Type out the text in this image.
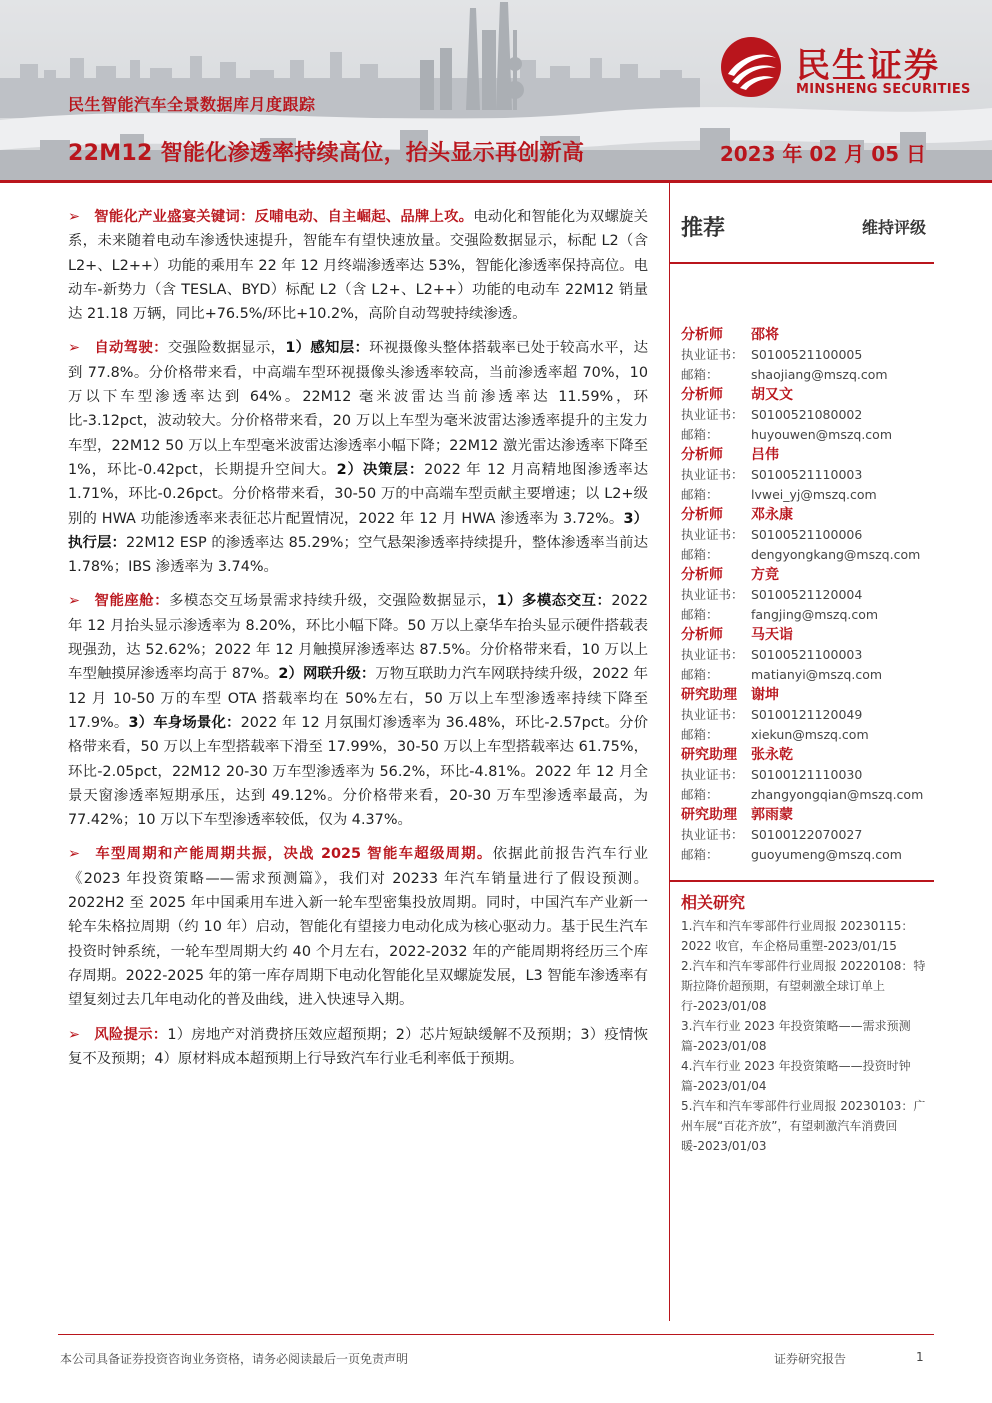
民生证券
MINSHENG SECURITIES
民生智能汽车全景数据库月度跟踪
22M12 智能化渗透率持续高位，抬头显示再创新高	2023 年 02 月 05 日

➢ 智能化产业盛宴关键词：反哺电动、自主崛起、品牌上攻。电动化和智能化为双螺旋关系，未来随着电动车渗透快速提升，智能车有望快速放量。交强险数据显示，标配 L2（含 L2+、L2++）功能的乘用车 22 年 12 月终端渗透率达 53%，智能化渗透率保持高位。电动车-新势力（含 TESLA、BYD）标配 L2（含 L2+、L2++）功能的电动车 22M12 销量达 21.18 万辆，同比+76.5%/环比+10.2%，高阶自动驾驶持续渗透。

➢ 自动驾驶：交强险数据显示，1）感知层：环视摄像头整体搭载率已处于较高水平，达到 77.8%。分价格带来看，中高端车型环视摄像头渗透率较高，当前渗透率超 70%，10 万以下车型渗透率达到 64%。22M12 毫米波雷达当前渗透率达 11.59%，环比-3.12pct，波动较大。分价格带来看，20 万以上车型为毫米波雷达渗透率提升的主发力车型，22M12 50 万以上车型毫米波雷达渗透率小幅下降；22M12 激光雷达渗透率下降至 1%，环比-0.42pct，长期提升空间大。2）决策层：2022 年 12 月高精地图渗透率达 1.71%，环比-0.26pct。分价格带来看，30-50 万的中高端车型贡献主要增速；以 L2+级别的 HWA 功能渗透率来表征芯片配置情况，2022 年 12 月 HWA 渗透率为 3.72%。3）执行层：22M12 ESP 的渗透率达 85.29%；空气悬架渗透率持续提升，整体渗透率当前达 1.78%；IBS 渗透率为 3.74%。

➢ 智能座舱：多模态交互场景需求持续升级，交强险数据显示，1）多模态交互：2022 年 12 月抬头显示渗透率为 8.20%，环比小幅下降。50 万以上豪华车抬头显示硬件搭载表现强劲，达 52.62%；2022 年 12 月触摸屏渗透率达 87.5%。分价格带来看，10 万以上车型触摸屏渗透率均高于 87%。2）网联升级：万物互联助力汽车网联持续升级，2022 年 12 月 10-50 万的车型 OTA 搭载率均在 50%左右，50 万以上车型渗透率持续下降至 17.9%。3）车身场景化：2022 年 12 月氛围灯渗透率为 36.48%，环比-2.57pct。分价格带来看，50 万以上车型搭载率下滑至 17.99%，30-50 万以上车型搭载率达 61.75%，环比-2.05pct，22M12 20-30 万车型渗透率为 56.2%，环比-4.81%。2022 年 12 月全景天窗渗透率短期承压，达到 49.12%。分价格带来看，20-30 万车型渗透率最高，为 77.42%；10 万以下车型渗透率较低，仅为 4.37%。

➢ 车型周期和产能周期共振，决战 2025 智能车超级周期。依据此前报告汽车行业《2023 年投资策略——需求预测篇》，我们对 20233 年汽车销量进行了假设预测。2022H2 至 2025 年中国乘用车进入新一轮车型密集投放周期。同时，中国汽车产业新一轮车朱格拉周期（约 10 年）启动，智能化有望接力电动化成为核心驱动力。基于民生汽车投资时钟系统，一轮车型周期大约 40 个月左右，2022-2032 年的产能周期将经历三个库存周期。2022-2025 年的第一库存周期下电动化智能化呈双螺旋发展，L3 智能车渗透率有望复刻过去几年电动化的普及曲线，进入快速导入期。

➢ 风险提示：1）房地产对消费挤压效应超预期；2）芯片短缺缓解不及预期；3）疫情恢复不及预期；4）原材料成本超预期上行导致汽车行业毛利率低于预期。

推荐	维持评级
分析师	邵将
执业证书： S0100521100005
邮箱：	shaojiang@mszq.com
分析师	胡又文
执业证书： S0100521080002
邮箱：	huyouwen@mszq.com
分析师	吕伟
执业证书： S0100521110003
邮箱：	lvwei_yj@mszq.com
分析师	邓永康
执业证书： S0100521100006
邮箱：	dengyongkang@mszq.com
分析师	方竞
执业证书： S0100521120004
邮箱：	fangjing@mszq.com
分析师	马天诣
执业证书： S0100521100003
邮箱：	matianyi@mszq.com
研究助理	谢坤
执业证书： S0100121120049
邮箱：	xiekun@mszq.com
研究助理	张永乾
执业证书： S0100121110030
邮箱：	zhangyongqian@mszq.com
研究助理	郭雨蒙
执业证书： S0100122070027
邮箱：	guoyumeng@mszq.com
相关研究

1.汽车和汽车零部件行业周报 20230115：2022 收官，车企格局重塑-2023/01/15

2.汽车和汽车零部件行业周报 20220108：特斯拉降价超预期，有望刺激全球订单上行-2023/01/08

3.汽车行业 2023 年投资策略——需求预测篇-2023/01/08

4.汽车行业 2023 年投资策略——投资时钟篇-2023/01/04

5.汽车和汽车零部件行业周报 20230103：广州车展“百花齐放”，有望刺激汽车消费回暖-2023/01/03

本公司具备证券投资咨询业务资格，请务必阅读最后一页免责声明	证券研究报告	1
